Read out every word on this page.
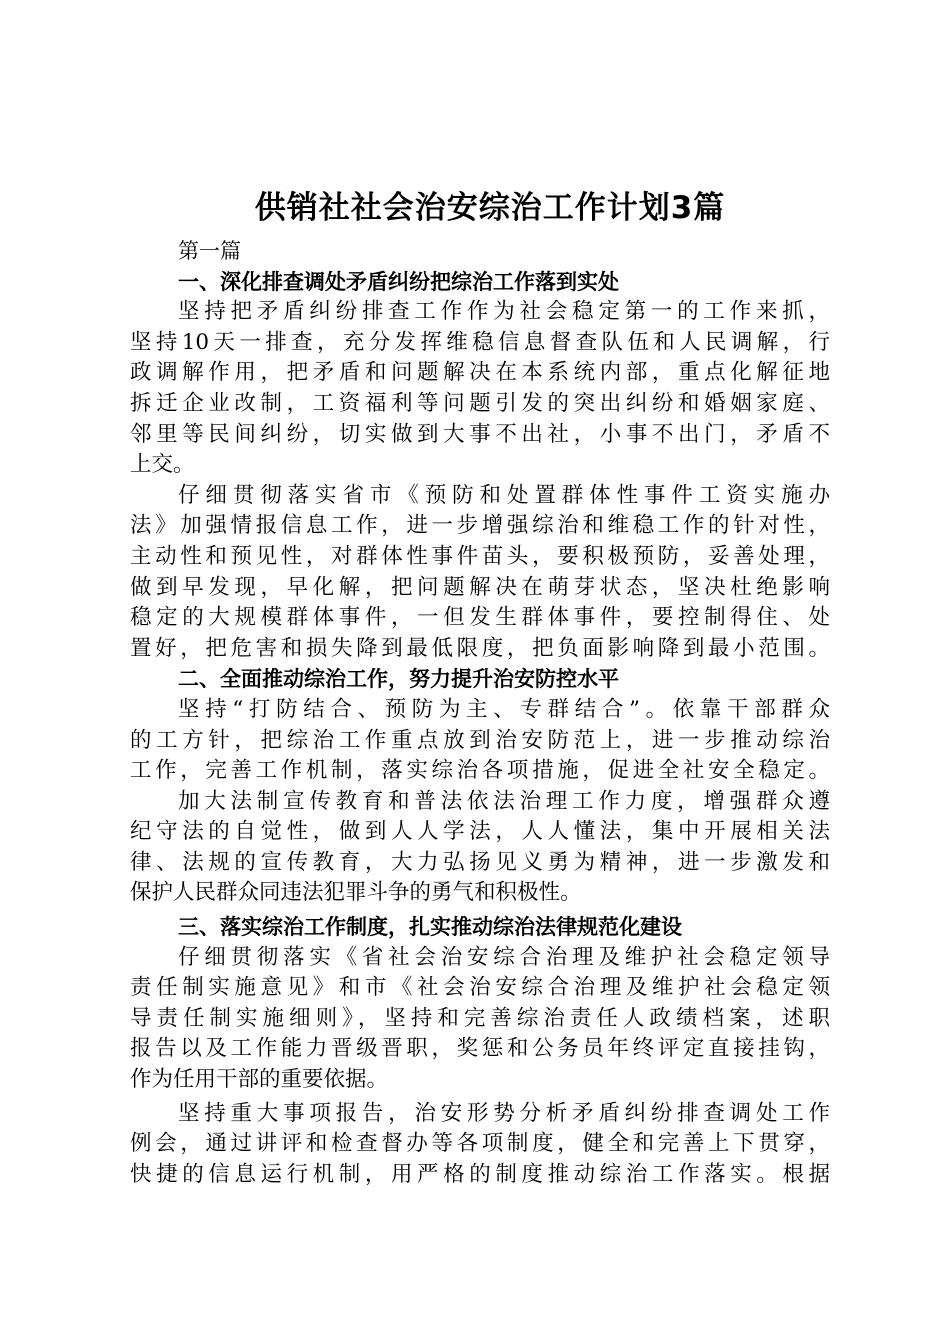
供销社社会治安综治工作计划3篇
第一篇
一、深化排查调处矛盾纠纷把综治工作落到实处
坚持把矛盾纠纷排查工作作为社会稳定第一的工作来抓，
坚持10天一排查，充分发挥维稳信息督查队伍和人民调解，行
政调解作用，把矛盾和问题解决在本系统内部，重点化解征地
拆迁企业改制，工资福利等问题引发的突出纠纷和婚姻家庭、
邻里等民间纠纷，切实做到大事不出社，小事不出门，矛盾不
上交。
仔细贯彻落实省市《预防和处置群体性事件工资实施办
法》加强情报信息工作，进一步增强综治和维稳工作的针对性，
主动性和预见性，对群体性事件苗头，要积极预防，妥善处理，
做到早发现，早化解，把问题解决在萌芽状态，坚决杜绝影响
稳定的大规模群体事件，一但发生群体事件，要控制得住、处
置好，把危害和损失降到最低限度，把负面影响降到最小范围。
二、全面推动综治工作，努力提升治安防控水平
坚持“打防结合、预防为主、专群结合”。依靠干部群众
的工方针，把综治工作重点放到治安防范上，进一步推动综治
工作，完善工作机制，落实综治各项措施，促进全社安全稳定。
加大法制宣传教育和普法依法治理工作力度，增强群众遵
纪守法的自觉性，做到人人学法，人人懂法，集中开展相关法
律、法规的宣传教育，大力弘扬见义勇为精神，进一步激发和
保护人民群众同违法犯罪斗争的勇气和积极性。
三、落实综治工作制度，扎实推动综治法律规范化建设
仔细贯彻落实《省社会治安综合治理及维护社会稳定领导
责任制实施意见》和市《社会治安综合治理及维护社会稳定领
导责任制实施细则》，坚持和完善综治责任人政绩档案，述职
报告以及工作能力晋级晋职，奖惩和公务员年终评定直接挂钩，
作为任用干部的重要依据。
坚持重大事项报告，治安形势分析矛盾纠纷排查调处工作
例会，通过讲评和检查督办等各项制度，健全和完善上下贯穿，
快捷的信息运行机制，用严格的制度推动综治工作落实。根据
